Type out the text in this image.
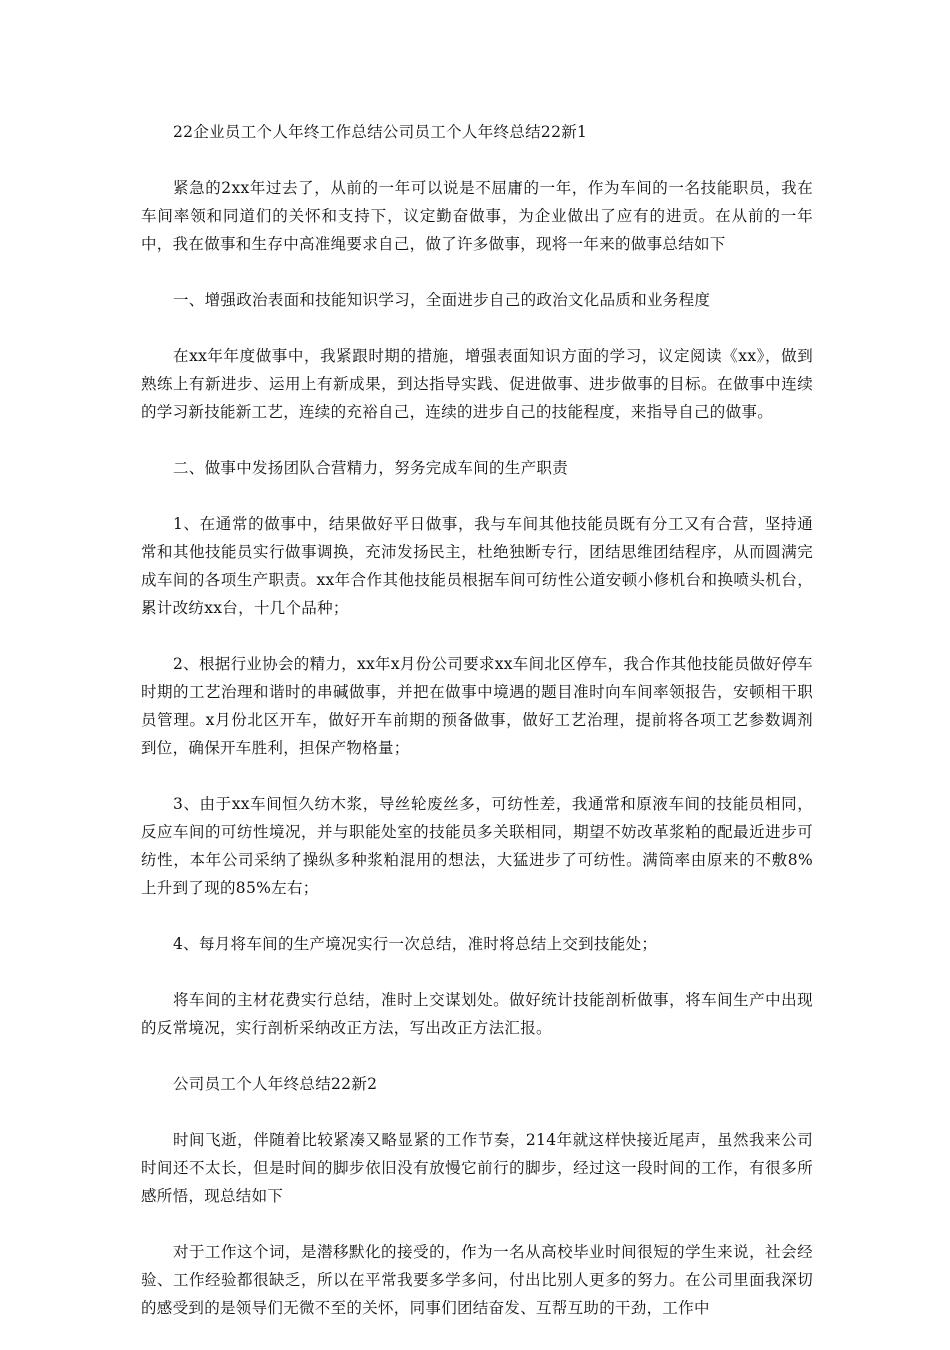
22企业员工个人年终工作总结公司员工个人年终总结22新1

紧急的2xx年过去了，从前的一年可以说是不屈庸的一年，作为车间的一名技能职员，我在车间率领和同道们的关怀和支持下，议定勤奋做事，为企业做出了应有的进贡。在从前的一年中，我在做事和生存中高准绳要求自己，做了许多做事，现将一年来的做事总结如下

一、增强政治表面和技能知识学习，全面进步自己的政治文化品质和业务程度

在xx年年度做事中，我紧跟时期的措施，增强表面知识方面的学习，议定阅读《xx》，做到熟练上有新进步、运用上有新成果，到达指导实践、促进做事、进步做事的目标。在做事中连续的学习新技能新工艺，连续的充裕自己，连续的进步自己的技能程度，来指导自己的做事。

二、做事中发扬团队合营精力，努务完成车间的生产职责

1、在通常的做事中，结果做好平日做事，我与车间其他技能员既有分工又有合营，坚持通常和其他技能员实行做事调换，充沛发扬民主，杜绝独断专行，团结思维团结程序，从而圆满完成车间的各项生产职责。xx年合作其他技能员根据车间可纺性公道安顿小修机台和换喷头机台，累计改纺xx台，十几个品种；

2、根据行业协会的精力，xx年x月份公司要求xx车间北区停车，我合作其他技能员做好停车时期的工艺治理和谐时的串碱做事，并把在做事中境遇的题目准时向车间率领报告，安顿相干职员管理。x月份北区开车，做好开车前期的预备做事，做好工艺治理，提前将各项工艺参数调剂到位，确保开车胜利，担保产物格量；

3、由于xx车间恒久纺木浆，导丝轮废丝多，可纺性差，我通常和原液车间的技能员相同，反应车间的可纺性境况，并与职能处室的技能员多关联相同，期望不妨改革浆粕的配最近进步可纺性，本年公司采纳了操纵多种浆粕混用的想法，大猛进步了可纺性。满筒率由原来的不敷8%上升到了现的85%左右；

4、每月将车间的生产境况实行一次总结，准时将总结上交到技能处；

将车间的主材花费实行总结，准时上交谋划处。做好统计技能剖析做事，将车间生产中出现的反常境况，实行剖析采纳改正方法，写出改正方法汇报。

公司员工个人年终总结22新2

时间飞逝，伴随着比较紧凑又略显紧的工作节奏，214年就这样快接近尾声，虽然我来公司时间还不太长，但是时间的脚步依旧没有放慢它前行的脚步，经过这一段时间的工作，有很多所感所悟，现总结如下

对于工作这个词，是潜移默化的接受的，作为一名从高校毕业时间很短的学生来说，社会经验、工作经验都很缺乏，所以在平常我要多学多问，付出比别人更多的努力。在公司里面我深切的感受到的是领导们无微不至的关怀，同事们团结奋发、互帮互助的干劲，工作中
